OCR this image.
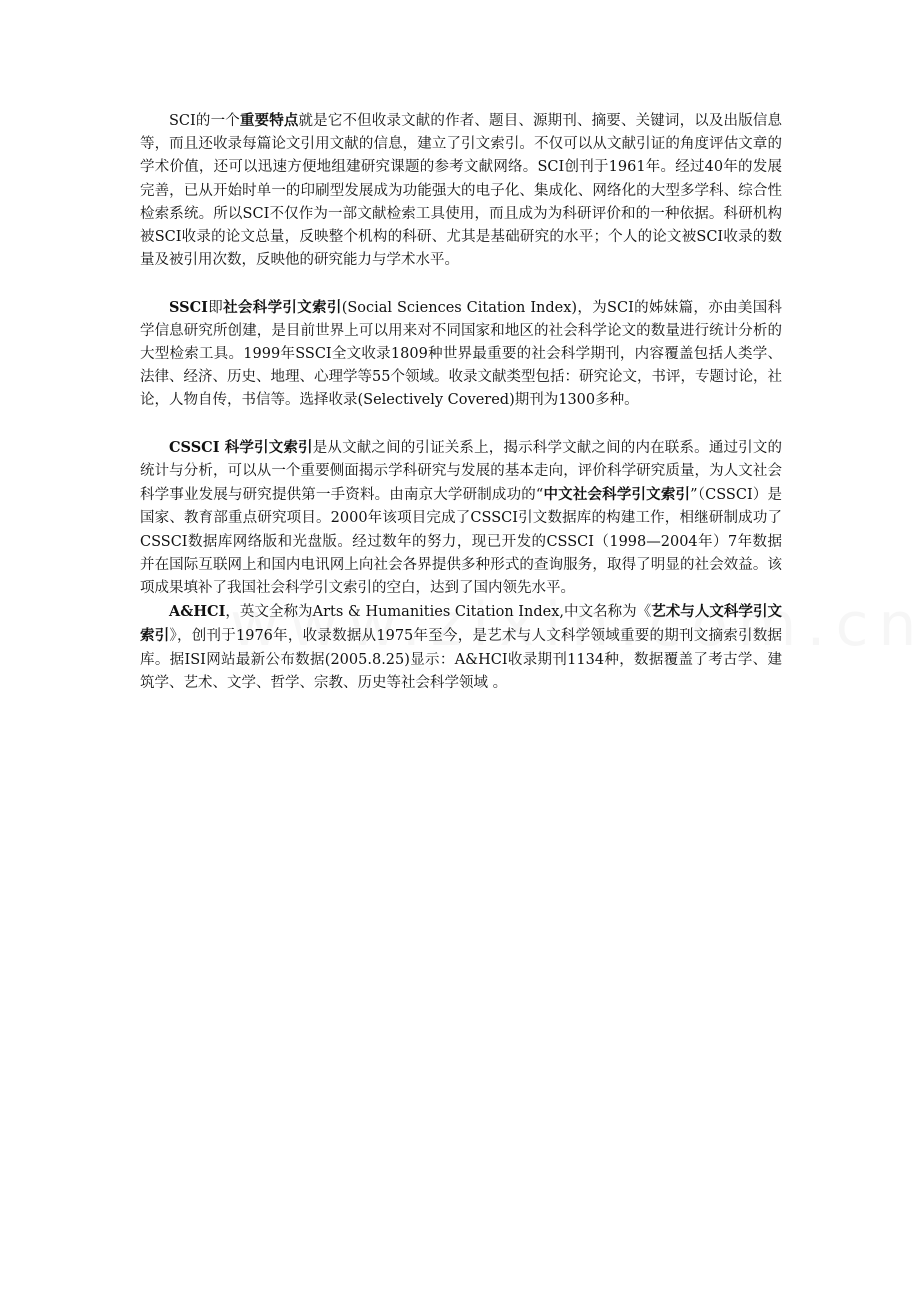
SCI的一个重要特点就是它不但收录文献的作者、题目、源期刊、摘要、关键词，以及出版信息等，而且还收录每篇论文引用文献的信息，建立了引文索引。不仅可以从文献引证的角度评估文章的学术价值，还可以迅速方便地组建研究课题的参考文献网络。SCI创刊于1961年。经过40年的发展完善，已从开始时单一的印刷型发展成为功能强大的电子化、集成化、网络化的大型多学科、综合性检索系统。所以SCI不仅作为一部文献检索工具使用，而且成为为科研评价和的一种依据。科研机构被SCI收录的论文总量，反映整个机构的科研、尤其是基础研究的水平；个人的论文被SCI收录的数量及被引用次数，反映他的研究能力与学术水平。

SSCI即社会科学引文索引(Social Sciences Citation Index)，为SCI的姊妹篇，亦由美国科学信息研究所创建，是目前世界上可以用来对不同国家和地区的社会科学论文的数量进行统计分析的大型检索工具。1999年SSCI全文收录1809种世界最重要的社会科学期刊，内容覆盖包括人类学、法律、经济、历史、地理、心理学等55个领域。收录文献类型包括：研究论文，书评，专题讨论，社论，人物自传，书信等。选择收录(Selectively Covered)期刊为1300多种。

CSSCI 科学引文索引是从文献之间的引证关系上，揭示科学文献之间的内在联系。通过引文的统计与分析，可以从一个重要侧面揭示学科研究与发展的基本走向，评价科学研究质量，为人文社会科学事业发展与研究提供第一手资料。由南京大学研制成功的“中文社会科学引文索引”（CSSCI）是国家、教育部重点研究项目。2000年该项目完成了CSSCI引文数据库的构建工作，相继研制成功了CSSCI数据库网络版和光盘版。经过数年的努力，现已开发的CSSCI（1998—2004年）7年数据并在国际互联网上和国内电讯网上向社会各界提供多种形式的查询服务，取得了明显的社会效益。该项成果填补了我国社会科学引文索引的空白，达到了国内领先水平。

A&HCI，英文全称为Arts & Humanities Citation Index,中文名称为《艺术与人文科学引文索引》，创刊于1976年，收录数据从1975年至今，是艺术与人文科学领域重要的期刊文摘索引数据库。据ISI网站最新公布数据(2005.8.25)显示：A&HCI收录期刊1134种，数据覆盖了考古学、建筑学、艺术、文学、哲学、宗教、历史等社会科学领域 。
